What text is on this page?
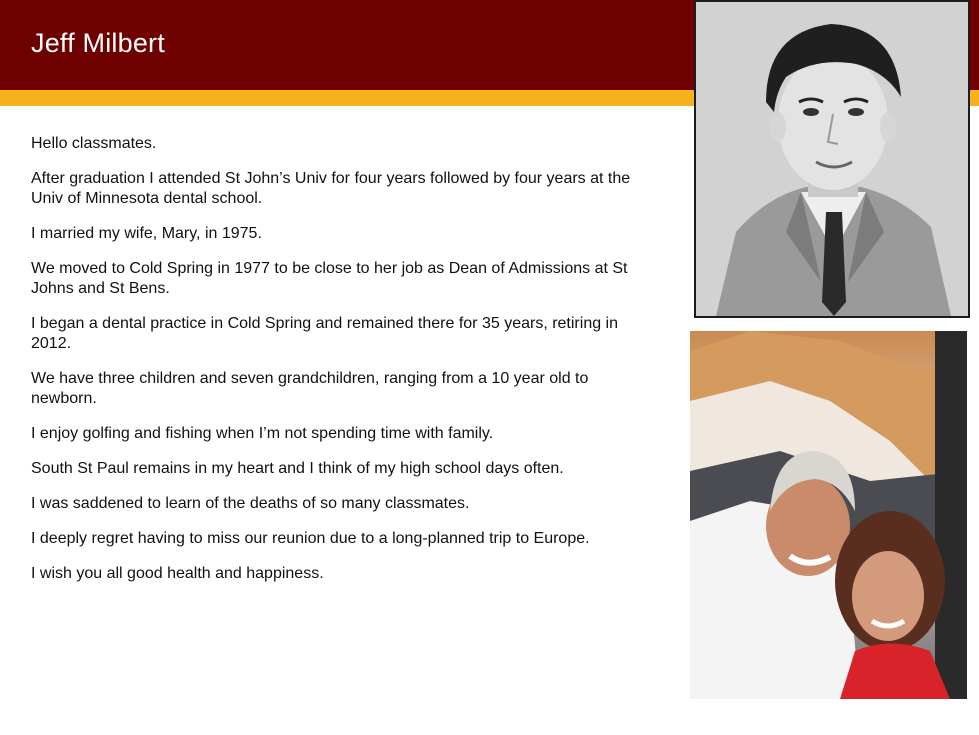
Jeff Milbert

Hello classmates.

After graduation I attended St John’s Univ for four years followed by four years at the Univ of Minnesota dental school.

I married my wife, Mary, in 1975.

We moved to Cold Spring in 1977 to be close to her job as Dean of Admissions at St Johns and St Bens.

I began a dental practice in Cold Spring and remained there for 35 years, retiring in 2012.

We have three children and seven grandchildren, ranging from a 10 year old to newborn.

I enjoy golfing and fishing when I’m not spending time with family.

South St Paul remains in my heart and I think of my high school days often.

I was saddened to learn of the deaths of so many classmates.

I deeply regret having to miss our reunion due to a long-planned trip to Europe.

I wish you all good health and happiness.
